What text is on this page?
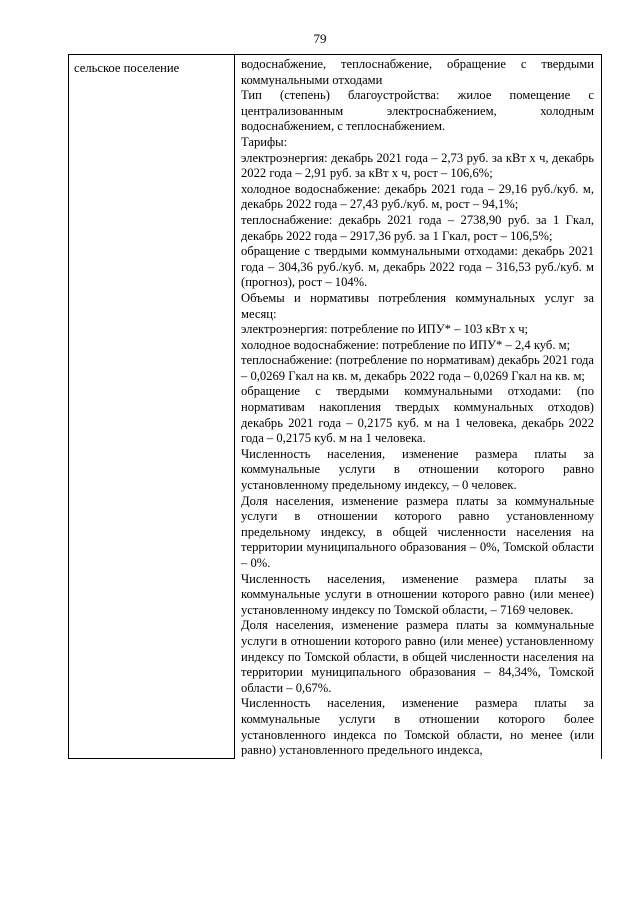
79
сельское поселение	водоснабжение, теплоснабжение, обращение с твердыми коммунальными отходами
Тип (степень) благоустройства: жилое помещение с централизованным электроснабжением, холодным водоснабжением, с теплоснабжением.
Тарифы:
электроэнергия: декабрь 2021 года – 2,73 руб. за кВт х ч, декабрь 2022 года – 2,91 руб. за кВт х ч, рост – 106,6%;
холодное водоснабжение: декабрь 2021 года – 29,16 руб./куб. м, декабрь 2022 года – 27,43 руб./куб. м, рост – 94,1%;
теплоснабжение: декабрь 2021 года – 2738,90 руб. за 1 Гкал, декабрь 2022 года – 2917,36 руб. за 1 Гкал, рост – 106,5%;
обращение с твердыми коммунальными отходами: декабрь 2021 года – 304,36 руб./куб. м, декабрь 2022 года – 316,53 руб./куб. м (прогноз), рост – 104%.
Объемы и нормативы потребления коммунальных услуг за месяц:
электроэнергия: потребление по ИПУ* – 103 кВт х ч;
холодное водоснабжение: потребление по ИПУ* – 2,4 куб. м;
теплоснабжение: (потребление по нормативам) декабрь 2021 года – 0,0269 Гкал на кв. м, декабрь 2022 года – 0,0269 Гкал на кв. м;
обращение с твердыми коммунальными отходами: (по нормативам накопления твердых коммунальных отходов) декабрь 2021 года – 0,2175 куб. м на 1 человека, декабрь 2022 года – 0,2175 куб. м на 1 человека.
Численность населения, изменение размера платы за коммунальные услуги в отношении которого равно установленному предельному индексу, – 0 человек.
Доля населения, изменение размера платы за коммунальные услуги в отношении которого равно установленному предельному индексу, в общей численности населения на территории муниципального образования – 0%, Томской области – 0%.
Численность населения, изменение размера платы за коммунальные услуги в отношении которого равно (или менее) установленному индексу по Томской области, – 7169 человек.
Доля населения, изменение размера платы за коммунальные услуги в отношении которого равно (или менее) установленному индексу по Томской области, в общей численности населения на территории муниципального образования – 84,34%, Томской области – 0,67%.
Численность населения, изменение размера платы за коммунальные услуги в отношении которого более установленного индекса по Томской области, но менее (или равно) установленного предельного индекса,
